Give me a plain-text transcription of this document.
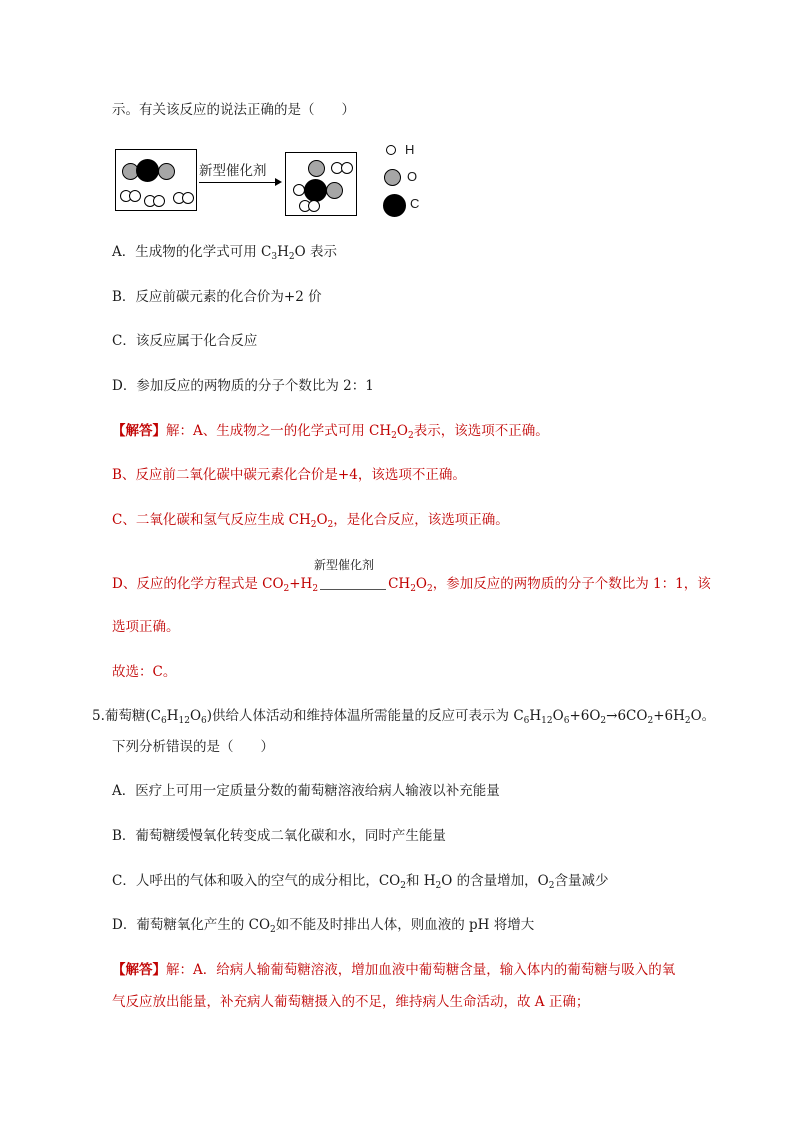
示。有关该反应的说法正确的是（　　）
新型催化剂
H
O
C
A．生成物的化学式可用 $C_3H_2O$ 表示
B．反应前碳元素的化合价为+2 价
C．该反应属于化合反应
D．参加反应的两物质的分子个数比为 2：1
【解答】解：A、生成物之一的化学式可用 $CH_2O_2$表示，该选项不正确。
B、反应前二氧化碳中碳元素化合价是+4，该选项不正确。
C、二氧化碳和氢气反应生成 $CH_2O_2$，是化合反应，该选项正确。
新型催化剂
D、反应的化学方程式是 $CO_2+H_2$	$CH_2O_2$，参加反应的两物质的分子个数比为 1：1，该
选项正确。
故选：C。
5.葡萄糖$(C_6H_{12}O_6)$供给人体活动和维持体温所需能量的反应可表示为 $C_6H_{12}O_6+6O_2\to 6CO_2+6H_2O$。
下列分析错误的是（　　）
A．医疗上可用一定质量分数的葡萄糖溶液给病人输液以补充能量
B．葡萄糖缓慢氧化转变成二氧化碳和水，同时产生能量
C．人呼出的气体和吸入的空气的成分相比，$CO_2$和 $H_2O$ 的含量增加，$O_2$含量减少
D．葡萄糖氧化产生的 $CO_2$如不能及时排出人体，则血液的 pH 将增大
【解答】解：A．给病人输葡萄糖溶液，增加血液中葡萄糖含量，输入体内的葡萄糖与吸入的氧
气反应放出能量，补充病人葡萄糖摄入的不足，维持病人生命活动，故 A 正确；
